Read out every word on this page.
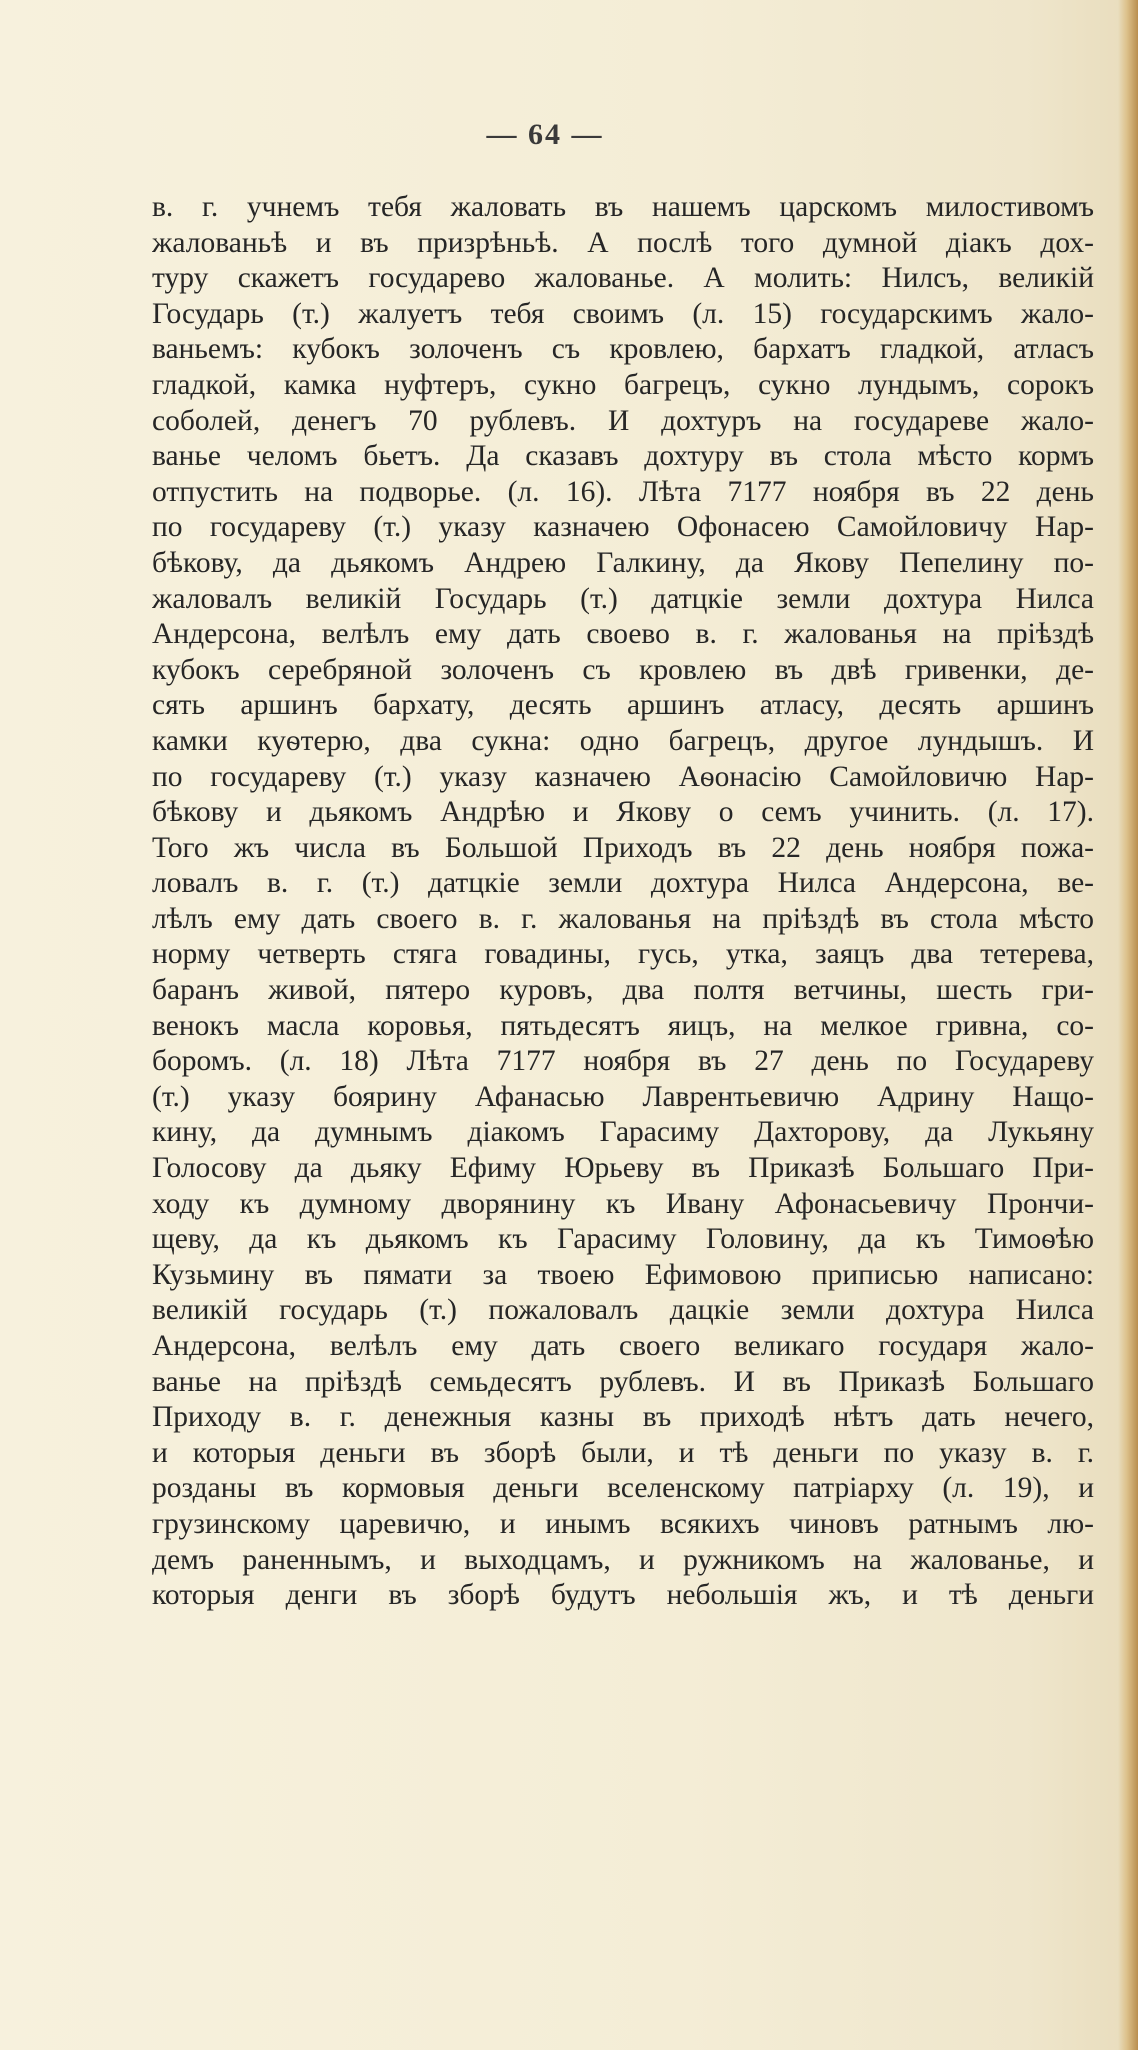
— 64 —
в. г. учнемъ тебя жаловать въ нашемъ царскомъ милостивомъ
жалованьѣ и въ призрѣньѣ. А послѣ того думной діакъ дох-
туру скажетъ государево жалованье. А молить: Нилсъ, великій
Государь (т.) жалуетъ тебя своимъ (л. 15) государскимъ жало-
ваньемъ: кубокъ золоченъ съ кровлею, бархатъ гладкой, атласъ
гладкой, камка нуфтеръ, сукно багрецъ, сукно лундымъ, сорокъ
соболей, денегъ 70 рублевъ. И дохтуръ на государеве жало-
ванье челомъ бьетъ. Да сказавъ дохтуру въ стола мѣсто кормъ
отпустить на подворье. (л. 16). Лѣта 7177 ноября въ 22 день
по государеву (т.) указу казначею Офонасею Самойловичу Нар-
бѣкову, да дьякомъ Андрею Галкину, да Якову Пепелину по-
жаловалъ великій Государь (т.) датцкіе земли дохтура Нилса
Андерсона, велѣлъ ему дать своево в. г. жалованья на пріѣздѣ
кубокъ серебряной золоченъ съ кровлею въ двѣ гривенки, де-
сять аршинъ бархату, десять аршинъ атласу, десять аршинъ
камки куѳтерю, два сукна: одно багрецъ, другое лундышъ. И
по государеву (т.) указу казначею Аѳонасію Самойловичю Нар-
бѣкову и дьякомъ Андрѣю и Якову о семъ учинить. (л. 17).
Того жъ числа въ Большой Приходъ въ 22 день ноября пожа-
ловалъ в. г. (т.) датцкіе земли дохтура Нилса Андерсона, ве-
лѣлъ ему дать своего в. г. жалованья на пріѣздѣ въ стола мѣсто
норму четверть стяга говадины, гусь, утка, заяцъ два тетерева,
баранъ живой, пятеро куровъ, два полтя ветчины, шесть гри-
венокъ масла коровья, пятьдесятъ яицъ, на мелкое гривна, со-
боромъ. (л. 18) Лѣта 7177 ноября въ 27 день по Государеву
(т.) указу боярину Афанасью Лаврентьевичю Адрину Нащо-
кину, да думнымъ діакомъ Гарасиму Дахторову, да Лукьяну
Голосову да дьяку Ефиму Юрьеву въ Приказѣ Большаго При-
ходу къ думному дворянину къ Ивану Афонасьевичу Прончи-
щеву, да къ дьякомъ къ Гарасиму Головину, да къ Тимоѳѣю
Кузьмину въ пямати за твоею Ефимовою приписью написано:
великій государь (т.) пожаловалъ дацкіе земли дохтура Нилса
Андерсона, велѣлъ ему дать своего великаго государя жало-
ванье на пріѣздѣ семьдесятъ рублевъ. И въ Приказѣ Большаго
Приходу в. г. денежныя казны въ приходѣ нѣтъ дать нечего,
и которыя деньги въ зборѣ были, и тѣ деньги по указу в. г.
розданы въ кормовыя деньги вселенскому патріарху (л. 19), и
грузинскому царевичю, и инымъ всякихъ чиновъ ратнымъ лю-
демъ раненнымъ, и выходцамъ, и ружникомъ на жалованье, и
которыя денги въ зборѣ будутъ небольшія жъ, и тѣ деньги
